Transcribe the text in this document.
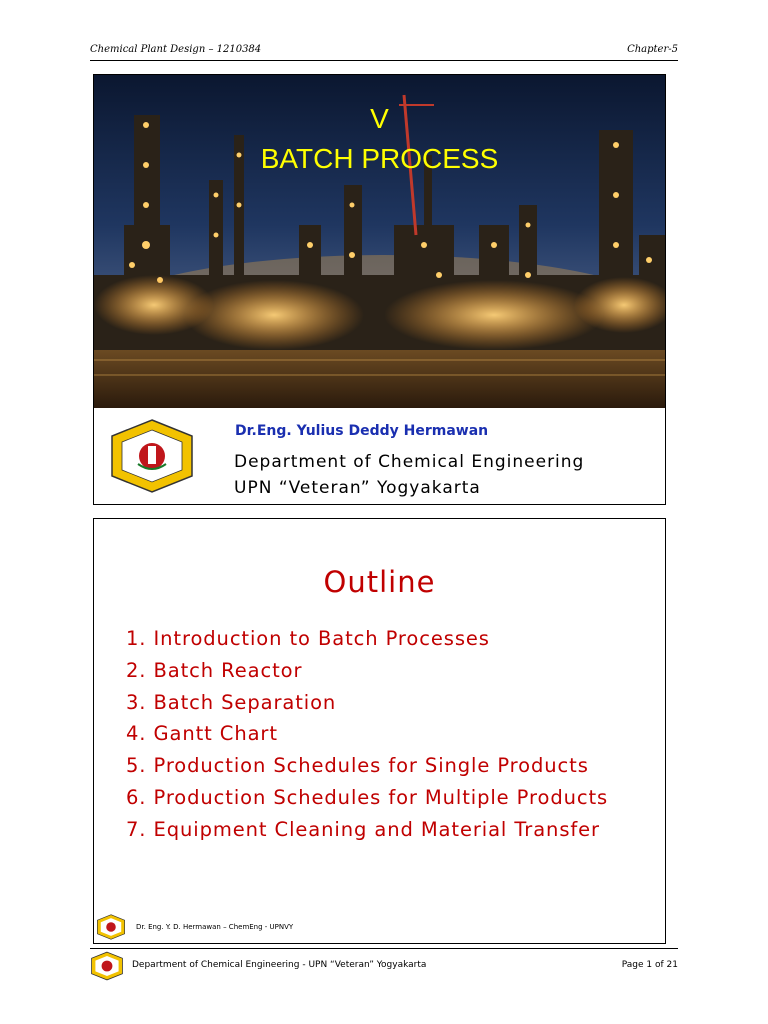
Chemical Plant Design – 1210384	Chapter-5
V
BATCH PROCESS
Dr.Eng. Yulius Deddy Hermawan
Department of Chemical Engineering
UPN “Veteran” Yogyakarta
Outline
1. Introduction to Batch Processes
2. Batch Reactor
3. Batch Separation
4. Gantt Chart
5. Production Schedules for Single Products
6. Production Schedules for Multiple Products
7. Equipment Cleaning and Material Transfer
Dr. Eng. Y. D. Hermawan – ChemEng - UPNVY
Department of Chemical Engineering - UPN “Veteran” Yogyakarta	Page 1 of 21
